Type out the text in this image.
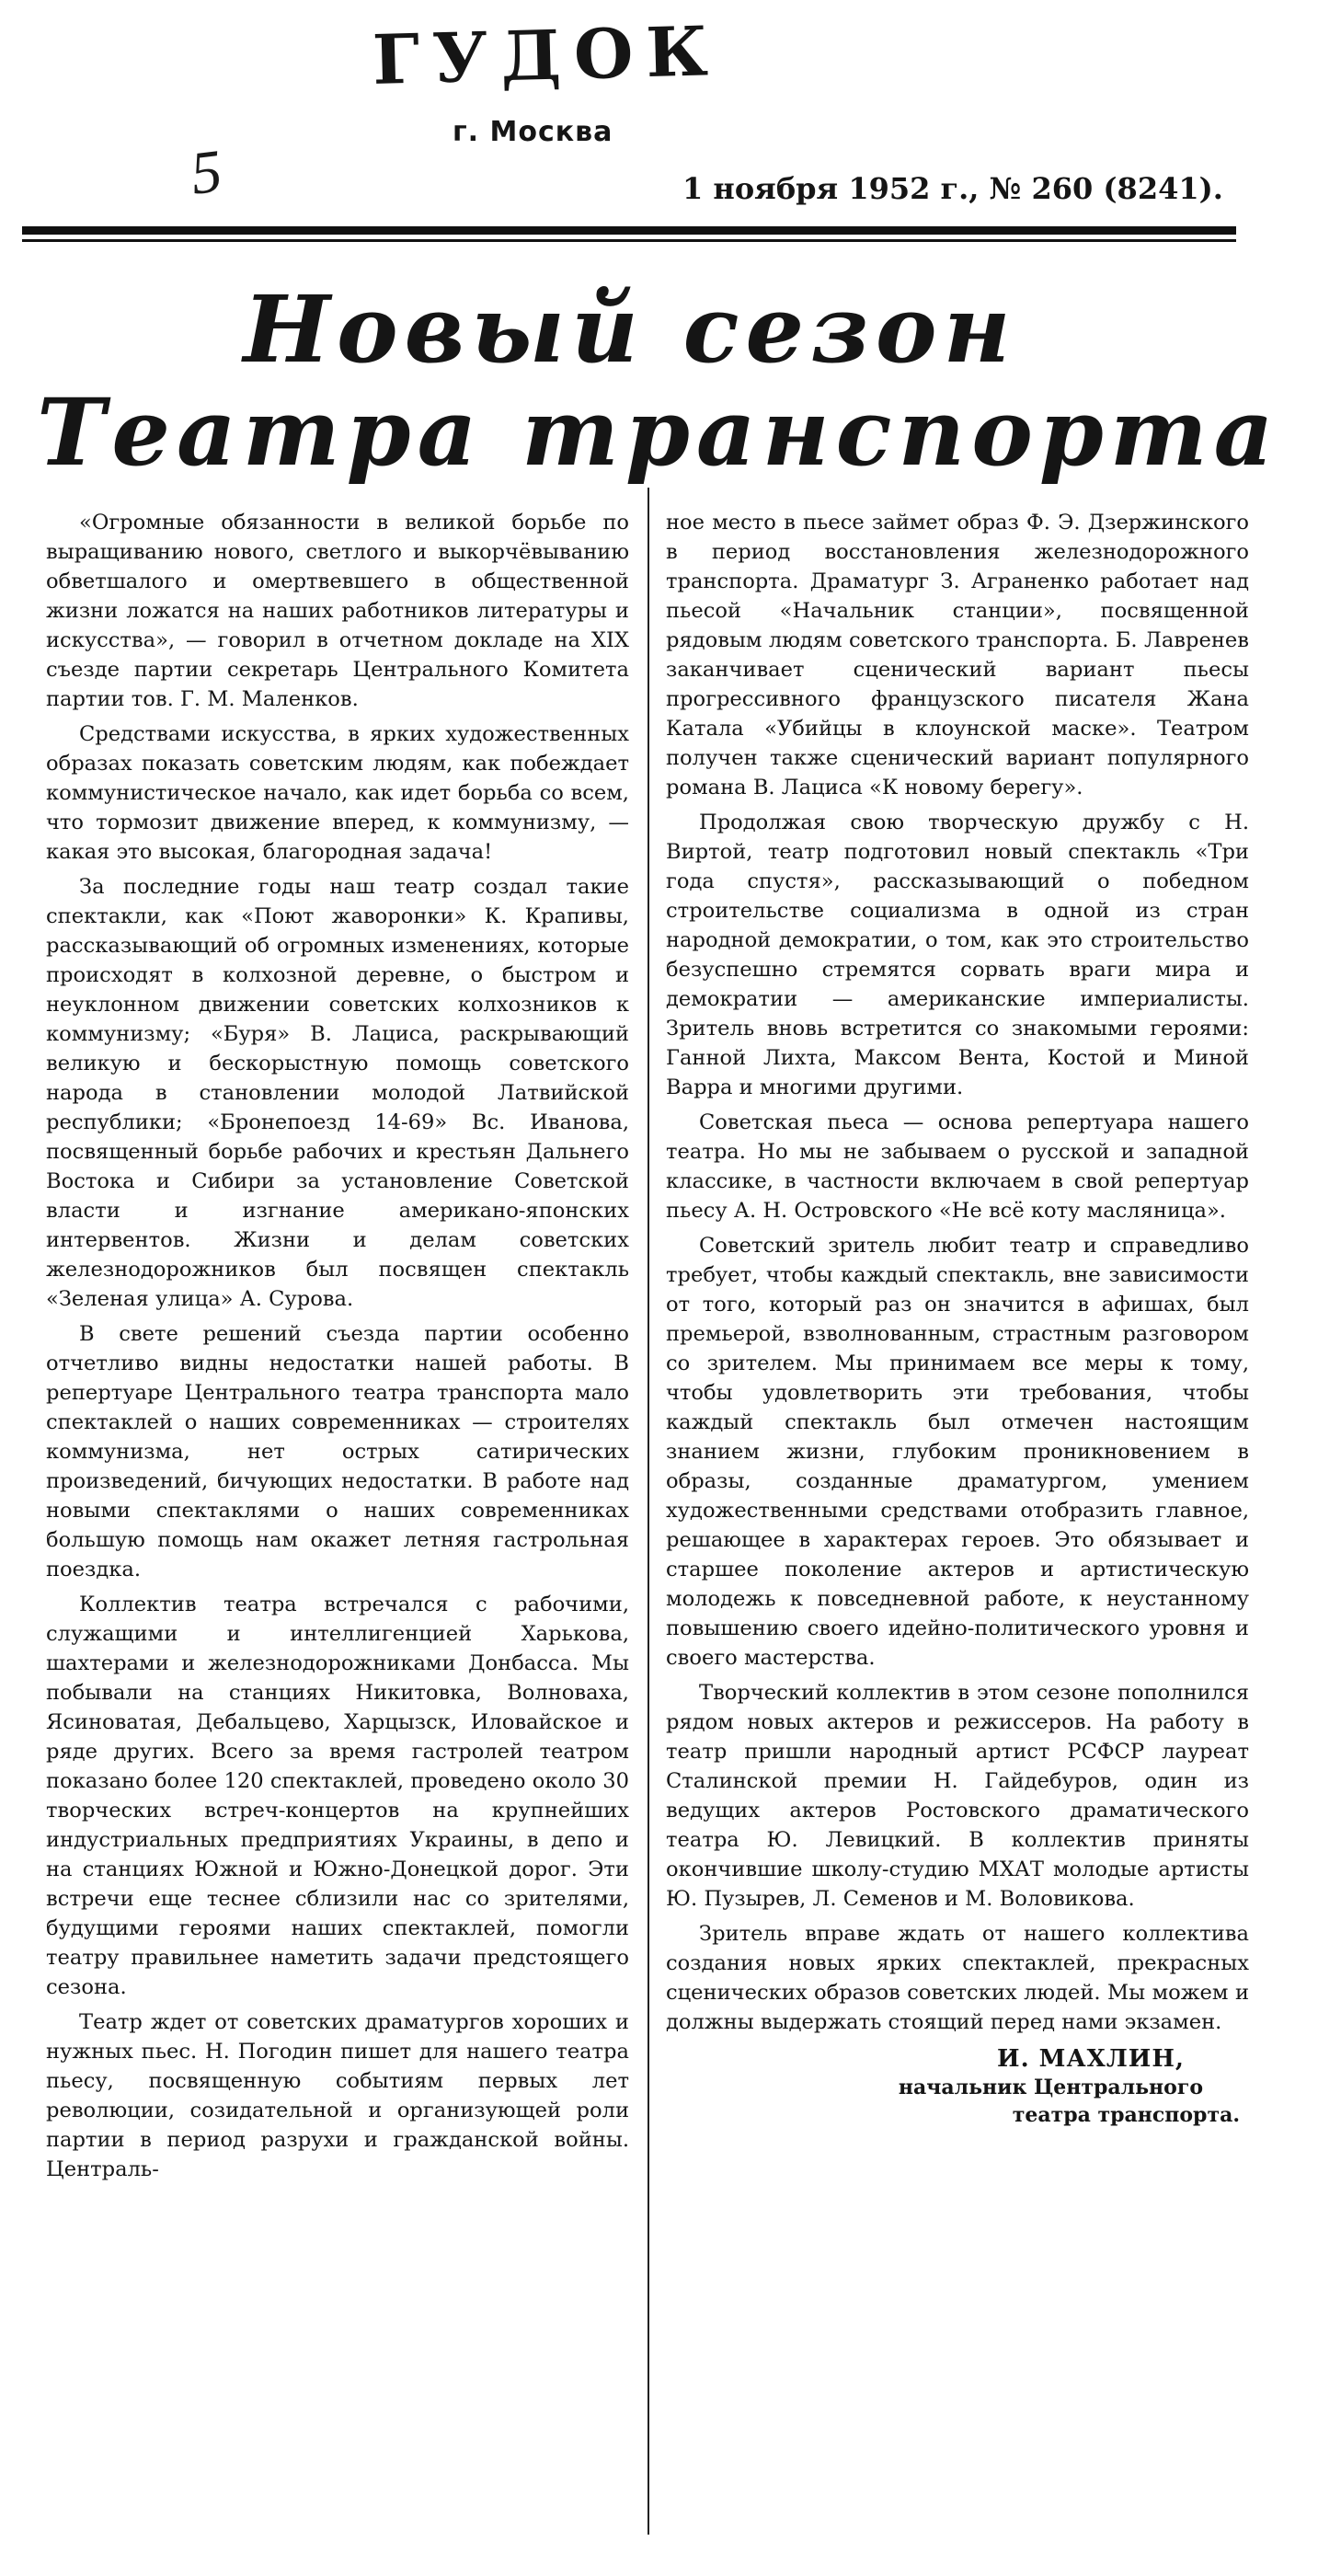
5
ГУДОК
г. Москва
1 ноября 1952 г., № 260 (8241).
Новый сезон
Театра транспорта

«Огромные обязанности в великой борьбе по выращиванию нового, светлого и выкорчёвыванию обветшалого и омертвевшего в общественной жизни ложатся на наших работников литературы и искусства», — говорил в отчетном докладе на XIX съезде партии секретарь Центрального Комитета партии тов. Г. М. Маленков.

Средствами искусства, в ярких художественных образах показать советским людям, как побеждает коммунистическое начало, как идет борьба со всем, что тормозит движение вперед, к коммунизму, — какая это высокая, благородная задача!

За последние годы наш театр создал такие спектакли, как «Поют жаворонки» К. Крапивы, рассказывающий об огромных изменениях, которые происходят в колхозной деревне, о быстром и неуклонном движении советских колхозников к коммунизму; «Буря» В. Лациса, раскрывающий великую и бескорыстную помощь советского народа в становлении молодой Латвийской республики; «Бронепоезд 14-69» Вс. Иванова, посвященный борьбе рабочих и крестьян Дальнего Востока и Сибири за установление Советской власти и изгнание американо-японских интервентов. Жизни и делам советских железнодорожников был посвящен спектакль «Зеленая улица» А. Сурова.

В свете решений съезда партии особенно отчетливо видны недостатки нашей работы. В репертуаре Центрального театра транспорта мало спектаклей о наших современниках — строителях коммунизма, нет острых сатирических произведений, бичующих недостатки. В работе над новыми спектаклями о наших современниках большую помощь нам окажет летняя гастрольная поездка.

Коллектив театра встречался с рабочими, служащими и интеллигенцией Харькова, шахтерами и железнодорожниками Донбасса. Мы побывали на станциях Никитовка, Волноваха, Ясиноватая, Дебальцево, Харцызск, Иловайское и ряде других. Всего за время гастролей театром показано более 120 спектаклей, проведено около 30 творческих встреч-концертов на крупнейших индустриальных предприятиях Украины, в депо и на станциях Южной и Южно-Донецкой дорог. Эти встречи еще теснее сблизили нас со зрителями, будущими героями наших спектаклей, помогли театру правильнее наметить задачи предстоящего сезона.

Театр ждет от советских драматургов хороших и нужных пьес. Н. Погодин пишет для нашего театра пьесу, посвященную событиям первых лет революции, созидательной и организующей роли партии в период разрухи и гражданской войны. Централь-

ное место в пьесе займет образ Ф. Э. Дзержинского в период восстановления железнодорожного транспорта. Драматург З. Аграненко работает над пьесой «Начальник станции», посвященной рядовым людям советского транспорта. Б. Лавренев заканчивает сценический вариант пьесы прогрессивного французского писателя Жана Катала «Убийцы в клоунской маске». Театром получен также сценический вариант популярного романа В. Лациса «К новому берегу».

Продолжая свою творческую дружбу с Н. Виртой, театр подготовил новый спектакль «Три года спустя», рассказывающий о победном строительстве социализма в одной из стран народной демократии, о том, как это строительство безуспешно стремятся сорвать враги мира и демократии — американские империалисты. Зритель вновь встретится со знакомыми героями: Ганной Лихта, Максом Вента, Костой и Миной Варра и многими другими.

Советская пьеса — основа репертуара нашего театра. Но мы не забываем о русской и западной классике, в частности включаем в свой репертуар пьесу А. Н. Островского «Не всё коту масляница».

Советский зритель любит театр и справедливо требует, чтобы каждый спектакль, вне зависимости от того, который раз он значится в афишах, был премьерой, взволнованным, страстным разговором со зрителем. Мы принимаем все меры к тому, чтобы удовлетворить эти требования, чтобы каждый спектакль был отмечен настоящим знанием жизни, глубоким проникновением в образы, созданные драматургом, умением художественными средствами отобразить главное, решающее в характерах героев. Это обязывает и старшее поколение актеров и артистическую молодежь к повседневной работе, к неустанному повышению своего идейно-политического уровня и своего мастерства.

Творческий коллектив в этом сезоне пополнился рядом новых актеров и режиссеров. На работу в театр пришли народный артист РСФСР лауреат Сталинской премии Н. Гайдебуров, один из ведущих актеров Ростовского драматического театра Ю. Левицкий. В коллектив приняты окончившие школу-студию МХАТ молодые артисты Ю. Пузырев, Л. Семенов и М. Воловикова.

Зритель вправе ждать от нашего коллектива создания новых ярких спектаклей, прекрасных сценических образов советских людей. Мы можем и должны выдержать стоящий перед нами экзамен.

И. МАХЛИН,
начальник Центрального
театра транспорта.
